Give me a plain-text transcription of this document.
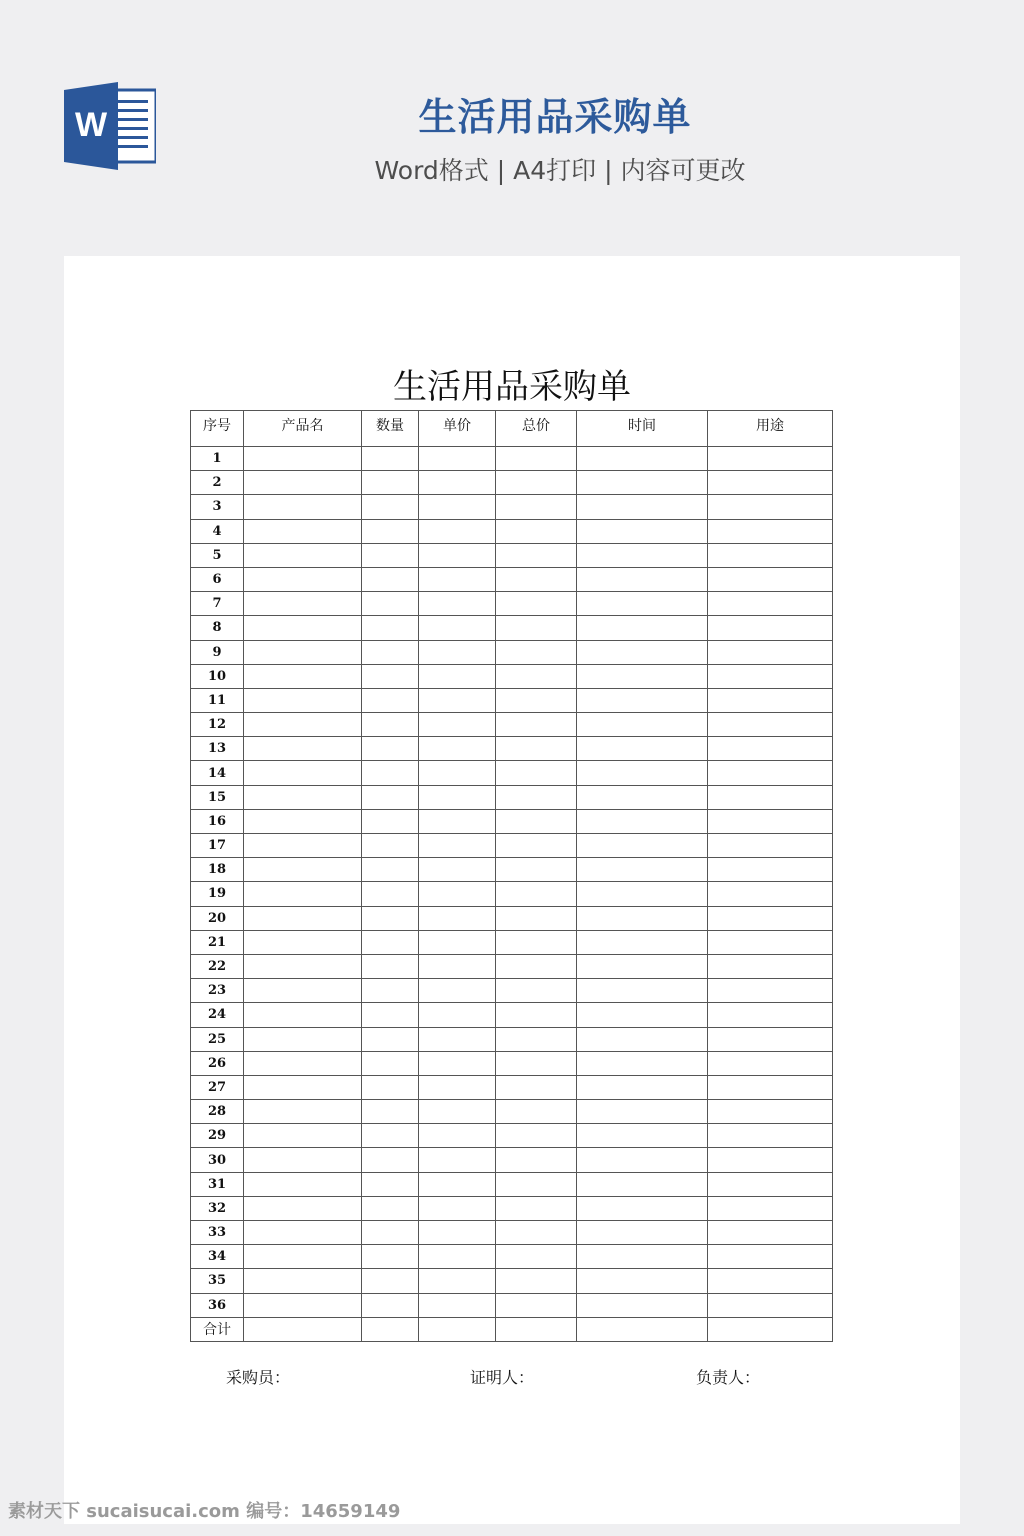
W	生活用品采购单
Word格式 | A4打印 | 内容可更改
生活用品采购单
序号	产品名	数量	单价	总价	时间	用途
1						
2						
3						
4						
5						
6						
7						
8						
9						
10						
11						
12						
13						
14						
15						
16						
17						
18						
19						
20						
21						
22						
23						
24						
25						
26						
27						
28						
29						
30						
31						
32						
33						
34						
35						
36						
合计						
采购员：	证明人：	负责人：
素材天下 sucaisucai.com 编号：14659149
